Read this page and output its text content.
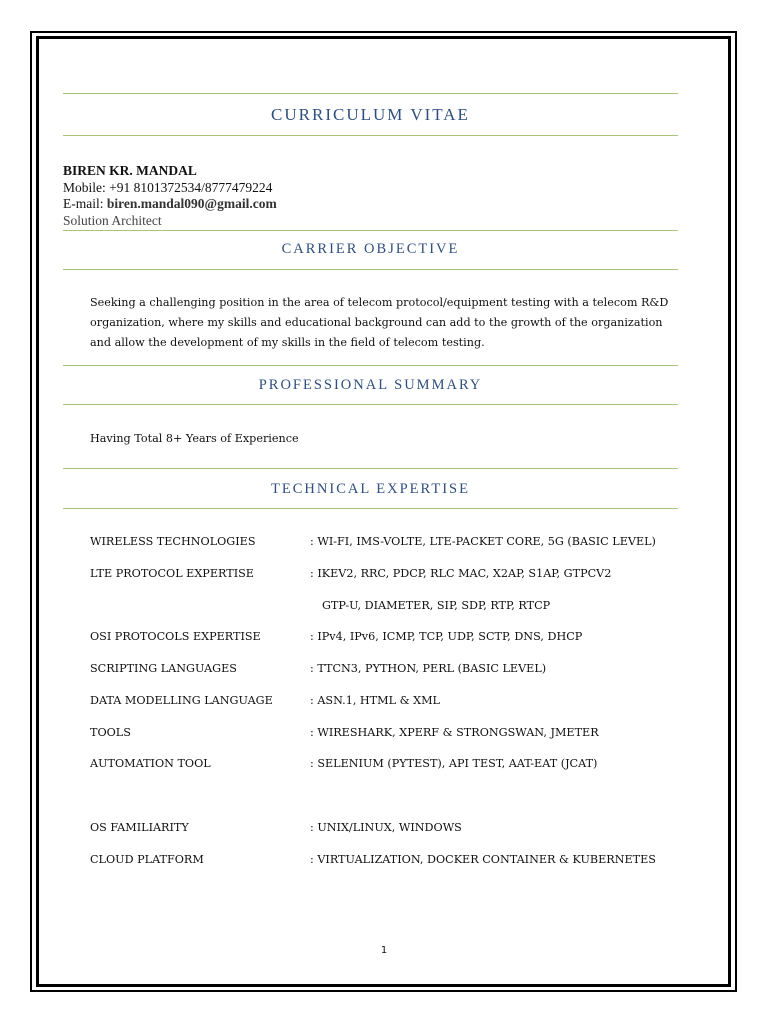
CURRICULUM VITAE
BIREN KR. MANDAL
Mobile: +91 8101372534/8777479224
E-mail: biren.mandal090@gmail.com
Solution Architect
CARRIER OBJECTIVE
Seeking a challenging position in the area of telecom protocol/equipment testing with a telecom R&D organization, where my skills and educational background can add to the growth of the organization and allow the development of my skills in the field of telecom testing.
PROFESSIONAL SUMMARY
Having Total 8+ Years of Experience
TECHNICAL EXPERTISE
WIRELESS TECHNOLOGIES	: WI-FI, IMS-VOLTE, LTE-PACKET CORE, 5G (BASIC LEVEL)
LTE PROTOCOL EXPERTISE	: IKEV2, RRC, PDCP, RLC MAC, X2AP, S1AP, GTPCV2
GTP-U, DIAMETER, SIP, SDP, RTP, RTCP
OSI PROTOCOLS EXPERTISE	: IPv4, IPv6, ICMP, TCP, UDP, SCTP, DNS, DHCP
SCRIPTING LANGUAGES	: TTCN3, PYTHON, PERL (BASIC LEVEL)
DATA MODELLING LANGUAGE	: ASN.1, HTML & XML
TOOLS	: WIRESHARK, XPERF & STRONGSWAN, JMETER
AUTOMATION TOOL	: SELENIUM (PYTEST), API TEST, AAT-EAT (JCAT)
OS FAMILIARITY	: UNIX/LINUX, WINDOWS
CLOUD PLATFORM	: VIRTUALIZATION, DOCKER CONTAINER & KUBERNETES
1
